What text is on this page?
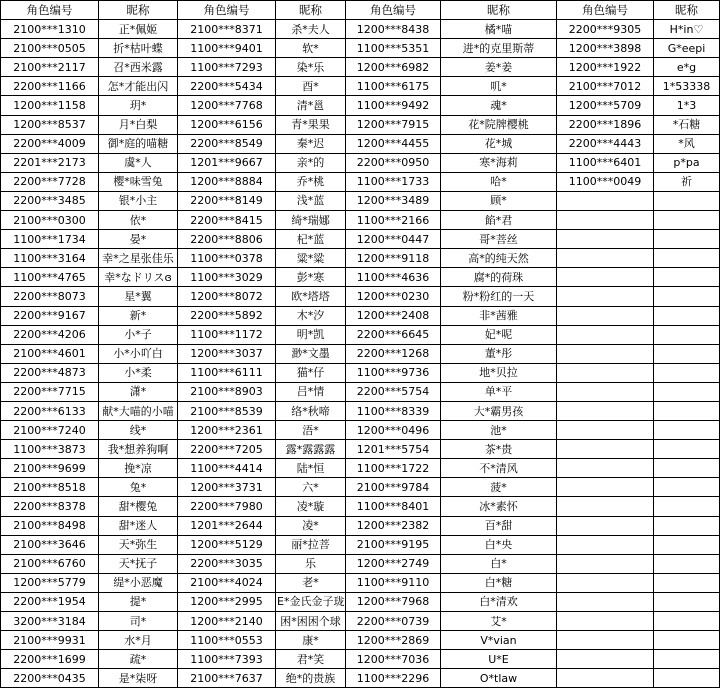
角色编号	昵称	角色编号	昵称	角色编号	昵称	角色编号	昵称
2100***1310	正*佩姬	2100***8371	杀*夫人	1200***8438	橘*喵	2200***9305	H*in♡
2100***0505	折*枯叶蝶	1100***9401	软*	1100***5351	进*的克里斯蒂	1200***3898	G*eepi
2100***2117	召*西米露	1100***7293	染*乐	1200***6982	姜*姜	1200***1922	e*g
2200***1166	怎*才能出闪	2200***5434	酉*	1100***6175	叽*	2100***7012	1*53338
1200***1158	玥*	1200***7768	清*邕	1100***9492	魂*	1200***5709	1*3
1200***8537	月*白梨	1200***6156	青*果果	1200***7915	花*院牌樱桃	2200***1896	*石糖
2200***4009	御*庭的喵糖	2200***8549	秦*迟	1200***4455	花*城	2200***4443	*风
2201***2173	虞*人	1201***9667	亲*的	2200***0950	寒*海莉	1100***6401	p*pa
2200***7728	樱*味雪兔	1200***8884	乔*桃	1100***1733	哈*	1100***0049	祈
2200***3485	银*小主	2200***8149	浅*蓝	1200***3489	顾*		
2100***0300	依*	2200***8415	绮*瑞娜	1100***2166	餡*君		
1100***1734	晏*	2200***8806	杞*蓝	1200***0447	哥*菩丝		
1100***3164	幸*之星张佳乐	1100***0378	粱*粱	1200***9118	高*的纯天然		
1100***4765	幸*なドリスɞ	1100***3029	彭*寒	1100***4636	腐*的荷珠		
2200***8073	星*翼	1200***8072	欧*塔塔	1200***0230	粉*粉红的一天		
2200***9167	新*	2200***5892	木*汐	1200***2408	非*茜雅		
2200***4206	小*子	1100***1172	明*凯	2200***6645	妃*呢		
2100***4601	小*小吖白	1200***3037	渺*文墨	2200***1268	董*彤		
2200***4873	小*柔	1100***6111	猫*仔	1100***9736	地*贝拉		
2200***7715	潇*	2100***8903	吕*情	2200***5754	单*平		
2200***6133	献*大喵的小喵	2100***8539	络*秋啼	1100***8339	大*霸男孩		
2100***7240	线*	1200***2361	浯*	1200***0496	池*		
1100***3873	我*想养狗啊	2200***7205	露*露露露	1201***5754	茶*贵		
2100***9699	挽*凉	1100***4414	陆*恒	1100***1722	不*清风		
2100***8518	兔*	1200***3731	六*	2100***9784	菠*		
2200***8378	甜*樱兔	2200***7980	凌*璇	1100***8401	冰*素怀		
2100***8498	甜*迷人	1201***2644	凌*	1200***2382	百*甜		
2100***3646	天*弥生	1200***5129	丽*拉菩	2100***9195	白*央		
2100***6760	天*抚子	2200***3035	乐	1200***2749	白*		
1200***5779	缇*小恶魔	2100***4024	老*	1100***9110	白*糖		
2200***1954	提*	1200***2995	E*金氏金子珑	1200***7968	白*清欢		
3200***3184	司*	1200***2140	困*困困个球	2200***0739	艾*		
2100***9931	水*月	1100***0553	康*	1200***2869	V*vian		
2200***1699	疏*	1100***7393	君*笑	1200***7036	U*E		
2200***0435	是*柒呀	2100***7637	绝*的贵族	1100***2296	O*tlaw		
